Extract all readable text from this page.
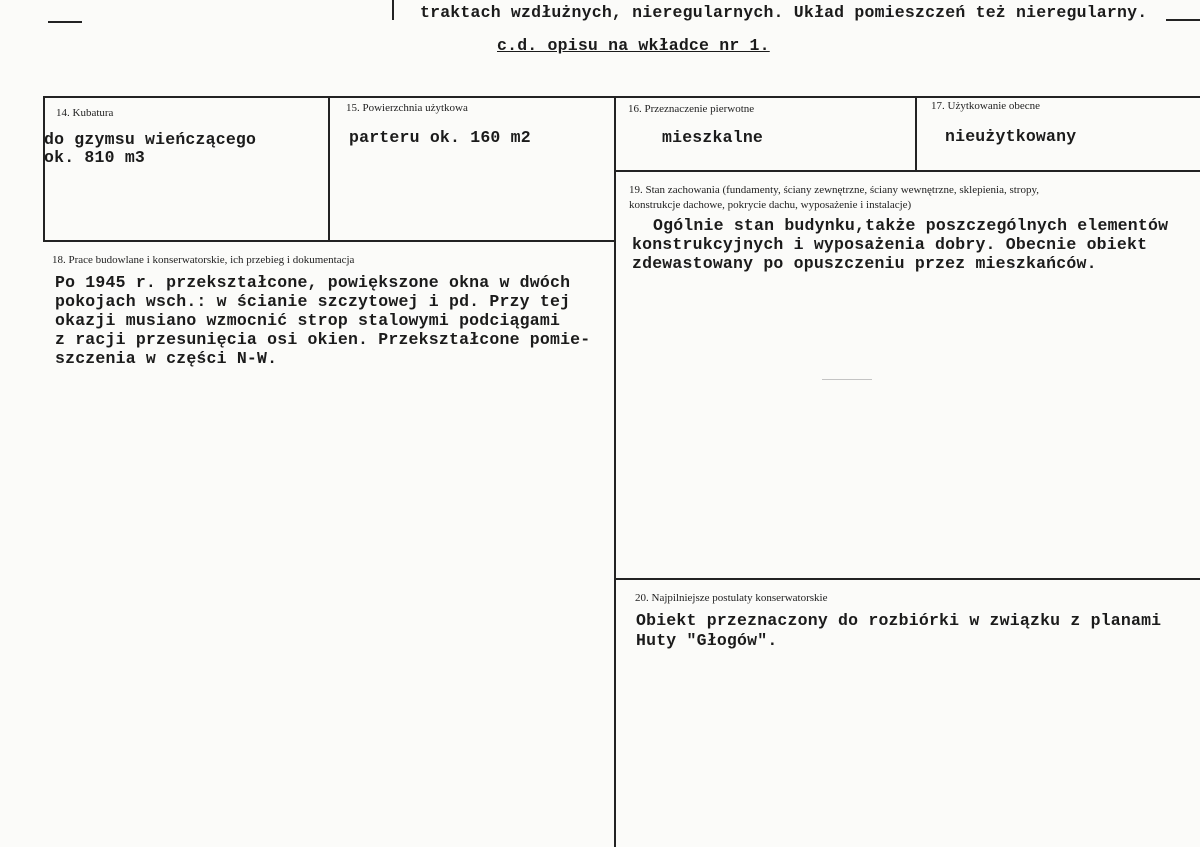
traktach wzdłużnych, nieregularnych. Układ pomieszczeń też nieregularny.
c.d. opisu na wkładce nr 1.
14. Kubatura
do gzymsu wieńczącego
ok. 810 m3
15. Powierzchnia użytkowa
parteru ok. 160 m2
16. Przeznaczenie pierwotne
mieszkalne
17. Użytkowanie obecne
nieużytkowany
19. Stan zachowania (fundamenty, ściany zewnętrzne, ściany wewnętrzne, sklepienia, stropy,
konstrukcje dachowe, pokrycie dachu, wyposażenie i instalacje)
Ogólnie stan budynku,także poszczególnych elementów
konstrukcyjnych i wyposażenia dobry. Obecnie obiekt
zdewastowany po opuszczeniu przez mieszkańców.
18. Prace budowlane i konserwatorskie, ich przebieg i dokumentacja
Po 1945 r. przekształcone, powiększone okna w dwóch
pokojach wsch.: w ścianie szczytowej i pd. Przy tej
okazji musiano wzmocnić strop stalowymi podciągami
z racji przesunięcia osi okien. Przekształcone pomie-
szczenia w części N-W.
20. Najpilniejsze postulaty konserwatorskie
Obiekt przeznaczony do rozbiórki w związku z planami
Huty "Głogów".
